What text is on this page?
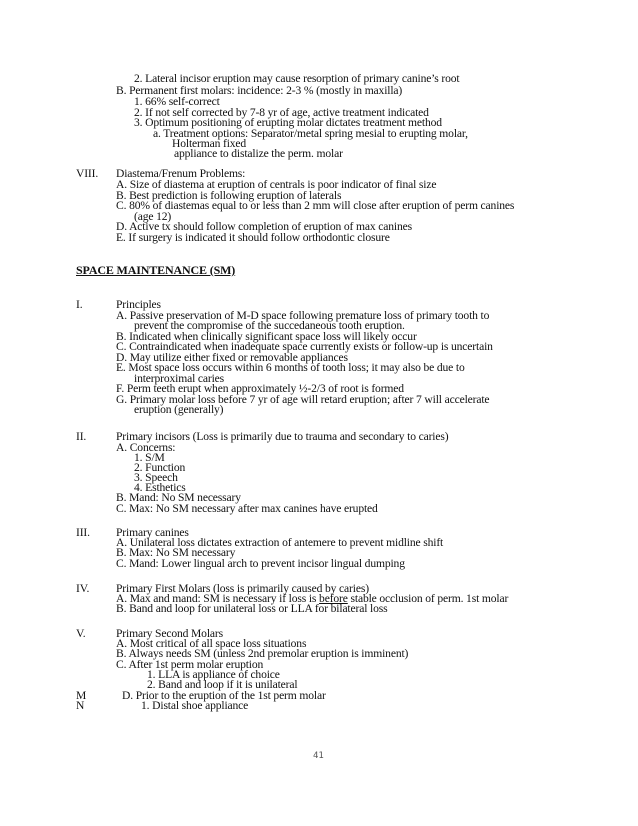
2. Lateral incisor eruption may cause resorption of primary canine’s root
B. Permanent first molars: incidence: 2-3 % (mostly in maxilla)
1. 66% self-correct
2. If not self corrected by 7-8 yr of age, active treatment indicated
3. Optimum positioning of erupting molar dictates treatment method
a. Treatment options: Separator/metal spring mesial to erupting molar,
Holterman fixed
appliance to distalize the perm. molar
VIII. Diastema/Frenum Problems:
A. Size of diastema at eruption of centrals is poor indicator of final size
B. Best prediction is following eruption of laterals
C. 80% of diastemas equal to or less than 2 mm will close after eruption of perm canines
(age 12)
D. Active tx should follow completion of eruption of max canines
E. If surgery is indicated it should follow orthodontic closure
SPACE MAINTENANCE (SM)
I.	Principles
A. Passive preservation of M-D space following premature loss of primary tooth to
prevent the compromise of the succedaneous tooth eruption.
B. Indicated when clinically significant space loss will likely occur
C. Contraindicated when inadequate space currently exists or follow-up is uncertain
D. May utilize either fixed or removable appliances
E. Most space loss occurs within 6 months of tooth loss; it may also be due to
interproximal caries
F. Perm teeth erupt when approximately ½-2/3 of root is formed
G. Primary molar loss before 7 yr of age will retard eruption; after 7 will accelerate
eruption (generally)
II.	Primary incisors (Loss is primarily due to trauma and secondary to caries)
A. Concerns:
1. S/M
2. Function
3. Speech
4. Esthetics
B. Mand: No SM necessary
C. Max: No SM necessary after max canines have erupted
III. Primary canines
A. Unilateral loss dictates extraction of antemere to prevent midline shift
B. Max: No SM necessary
C. Mand: Lower lingual arch to prevent incisor lingual dumping
IV. Primary First Molars (loss is primarily caused by caries)
A. Max and mand: SM is necessary if loss is before stable occlusion of perm. 1st molar
B. Band and loop for unilateral loss or LLA for bilateral loss
V.	Primary Second Molars
A. Most critical of all space loss situations
B. Always needs SM (unless 2nd premolar eruption is imminent)
C. After 1st perm molar eruption
1. LLA is appliance of choice
2. Band and loop if it is unilateral
M	D. Prior to the eruption of the 1st perm molar
N	1. Distal shoe appliance
41
